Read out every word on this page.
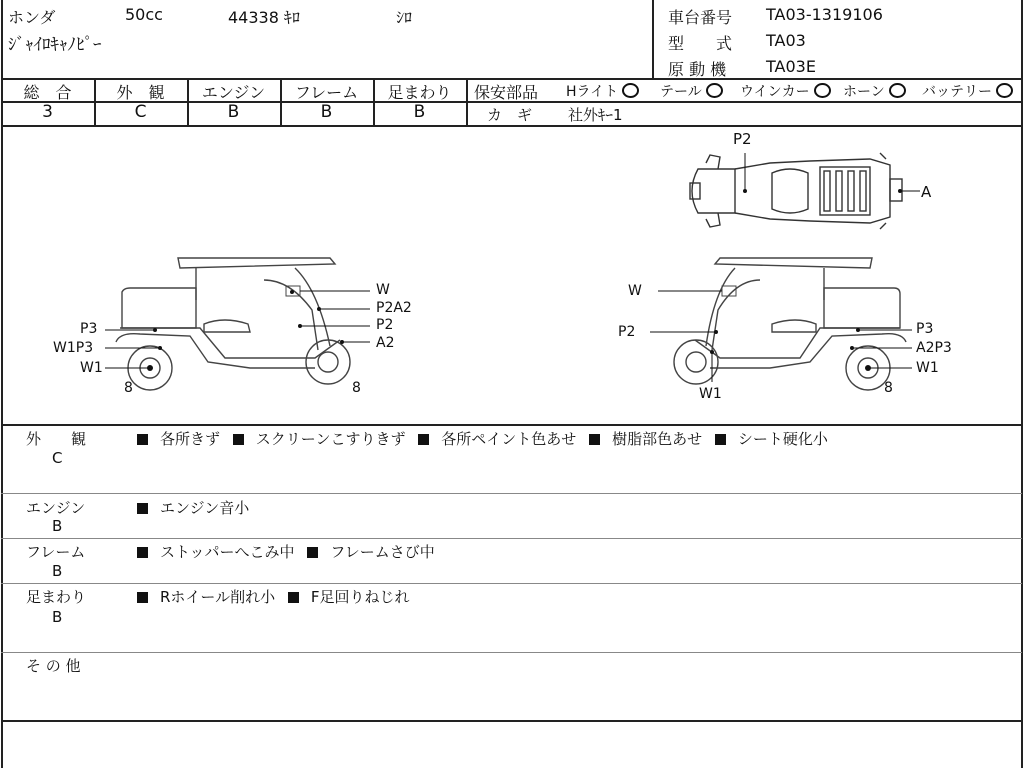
ホンダ	50cc	44338 ｷﾛ	ｼﾛ
ｼﾞｬｲﾛｷｬﾉﾋﾟｰ
車台番号 TA03-1319106
型　　式 TA03
原 動 機 TA03E
総　合	外　観	エンジン	フレーム	足まわり
3	C	B	B	B
保安部品 Hライト	テール	ウインカー	ホーン	バッテリー
カ　ギ 社外ｷｰ1
P2
A
W
P2A2
P2
P3
W1P3	A2
W1
8	8
W
P2	P3
A2P3
W1
W1	8
外　　観
C
各所きず スクリーンこすりきず 各所ペイント色あせ 樹脂部色あせ シート硬化小
エンジン
B
エンジン音小
フレーム
B
ストッパーへこみ中 フレームさび中
足まわり
B
Rホイール削れ小 F足回りねじれ
そ の 他
